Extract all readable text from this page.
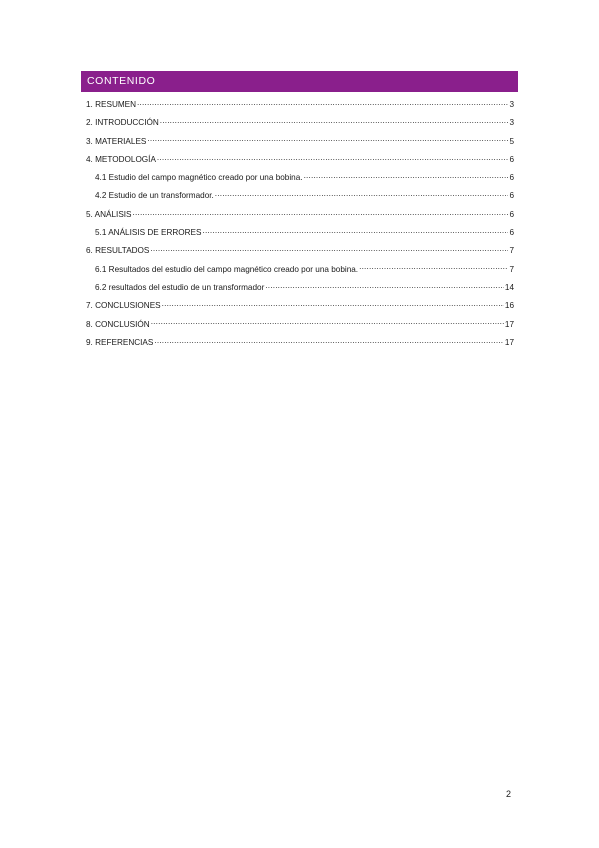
CONTENIDO
1. RESUMEN .....	3
2. INTRODUCCIÓN .....	3
3. MATERIALES .....	5
4. METODOLOGÍA .....	6
4.1 Estudio del campo magnético creado por una bobina. .....	6
4.2 Estudio de un transformador. .....	6
5. ANÁLISIS .....	6
5.1 ANÁLISIS DE ERRORES .....	6
6. RESULTADOS .....	7
6.1 Resultados del estudio del campo magnético creado por una bobina. .....	7
6.2 resultados del estudio de un transformador .....	14
7. CONCLUSIONES .....	16
8. CONCLUSIÓN .....	17
9. REFERENCIAS .....	17
2
